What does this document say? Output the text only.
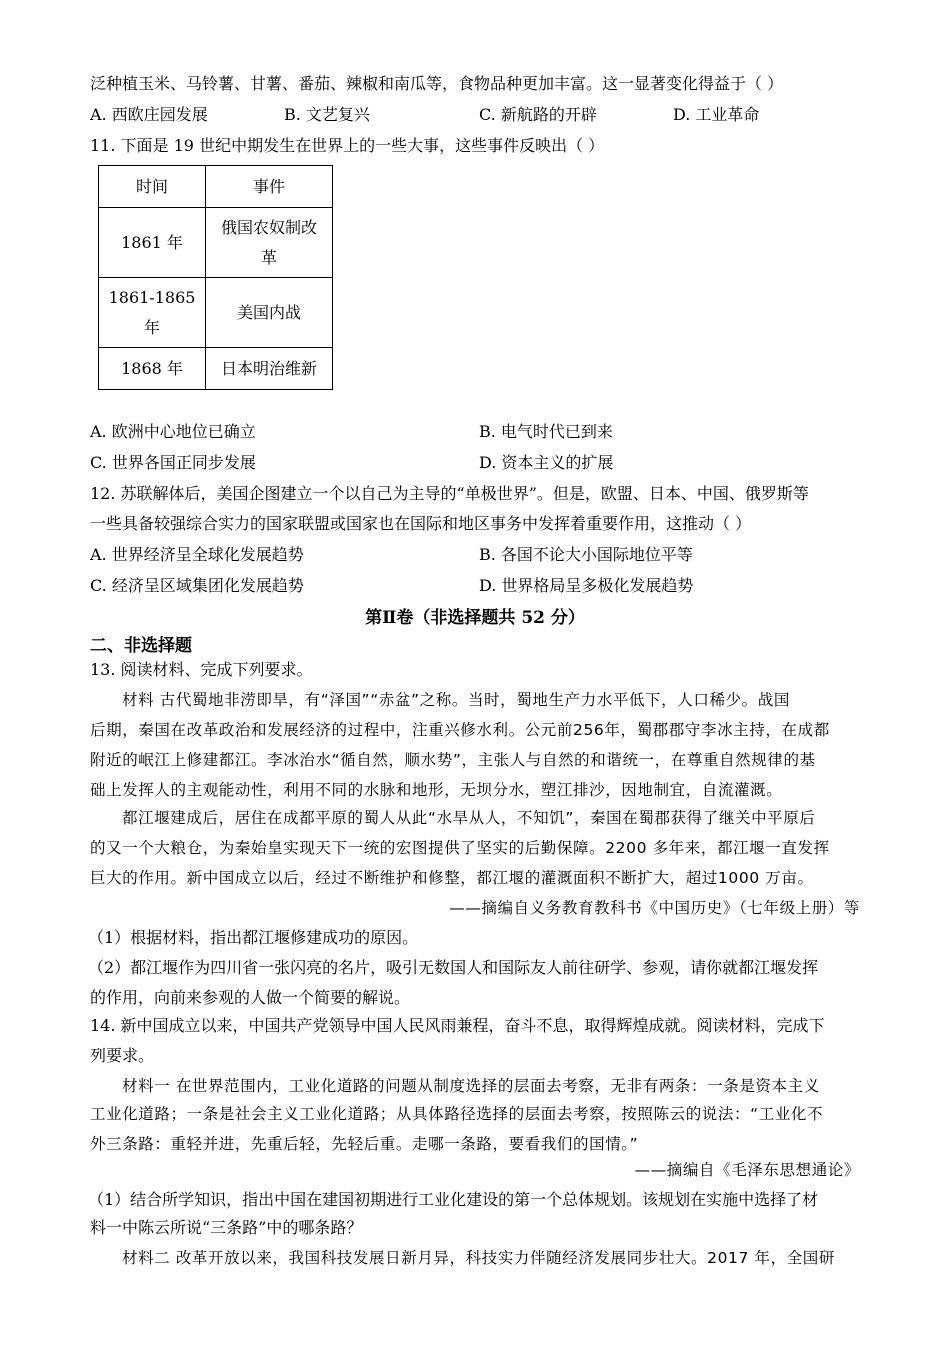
泛种植玉米、马铃薯、甘薯、番茄、辣椒和南瓜等，食物品种更加丰富。这一显著变化得益于（ ）
A. 西欧庄园发展	B. 文艺复兴	C. 新航路的开辟	D. 工业革命
11. 下面是 19 世纪中期发生在世界上的一些大事，这些事件反映出（ ）
时间	事件
1861 年	俄国农奴制改
革
1861-1865
年	美国内战
1868 年	日本明治维新
A. 欧洲中心地位已确立	B. 电气时代已到来
C. 世界各国正同步发展	D. 资本主义的扩展
12. 苏联解体后，美国企图建立一个以自己为主导的“单极世界”。但是，欧盟、日本、中国、俄罗斯等
一些具备较强综合实力的国家联盟或国家也在国际和地区事务中发挥着重要作用，这推动（ ）
A. 世界经济呈全球化发展趋势	B. 各国不论大小国际地位平等
C. 经济呈区域集团化发展趋势	D. 世界格局呈多极化发展趋势
第Ⅱ卷（非选择题共 52 分）
二、非选择题
13. 阅读材料、完成下列要求。
材料 古代蜀地非涝即旱，有“泽国”“赤盆”之称。当时，蜀地生产力水平低下，人口稀少。战国
后期，秦国在改革政治和发展经济的过程中，注重兴修水利。公元前256年，蜀郡郡守李冰主持，在成都
附近的岷江上修建都江。李冰治水“循自然，顺水势”，主张人与自然的和谐统一，在尊重自然规律的基
础上发挥人的主观能动性，利用不同的水脉和地形，无坝分水，塑江排沙，因地制宜，自流灌溉。
都江堰建成后，居住在成都平原的蜀人从此“水旱从人，不知饥”，秦国在蜀郡获得了继关中平原后
的又一个大粮仓，为秦始皇实现天下一统的宏图提供了坚实的后勤保障。2200 多年来，都江堰一直发挥
巨大的作用。新中国成立以后，经过不断维护和修整，都江堰的灌溉面积不断扩大，超过1000 万亩。
——摘编自义务教育教科书《中国历史》（七年级上册）等
（1）根据材料，指出都江堰修建成功的原因。
（2）都江堰作为四川省一张闪亮的名片，吸引无数国人和国际友人前往研学、参观，请你就都江堰发挥
的作用，向前来参观的人做一个简要的解说。
14. 新中国成立以来，中国共产党领导中国人民风雨兼程，奋斗不息，取得辉煌成就。阅读材料，完成下
列要求。
材料一 在世界范围内，工业化道路的问题从制度选择的层面去考察，无非有两条：一条是资本主义
工业化道路；一条是社会主义工业化道路；从具体路径选择的层面去考察，按照陈云的说法：“工业化不
外三条路：重轻并进，先重后轻，先轻后重。走哪一条路，要看我们的国情。”
——摘编自《毛泽东思想通论》
（1）结合所学知识，指出中国在建国初期进行工业化建设的第一个总体规划。该规划在实施中选择了材
料一中陈云所说“三条路”中的哪条路？
材料二 改革开放以来，我国科技发展日新月异，科技实力伴随经济发展同步壮大。2017 年，全国研
